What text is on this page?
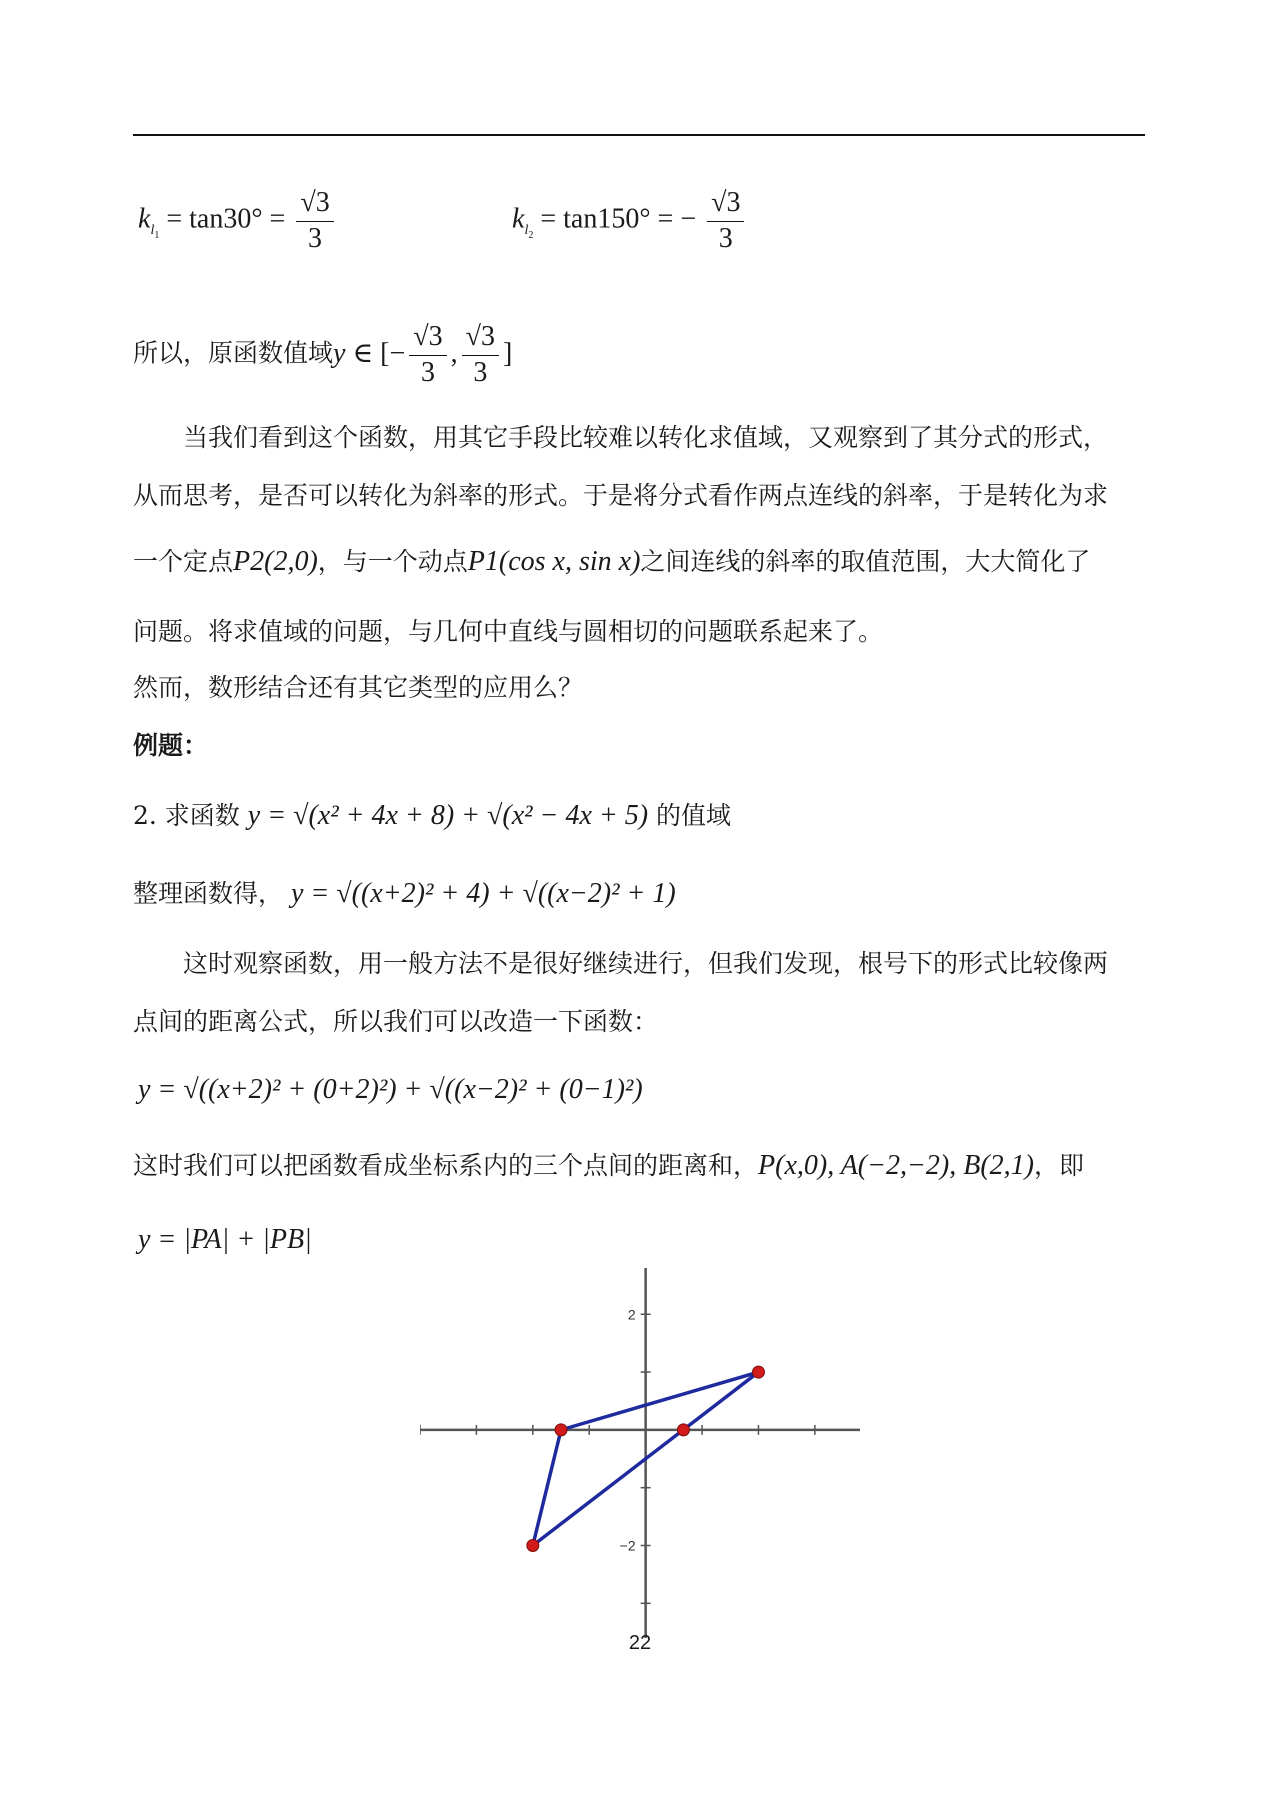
$k_{l_1} = \tan 30^\circ = \frac{√3}{3}$	$k_{l_2} = \tan 150^\circ$ = − $\frac{√3}{3}$
所以，原函数值域y ∈ [− $\frac{√3}{3}$ , $\frac{√3}{3}$ ]
当我们看到这个函数，用其它手段比较难以转化求值域，又观察到了其分式的形式，
从而思考，是否可以转化为斜率的形式。于是将分式看作两点连线的斜率，于是转化为求
一个定点P2(2,0)，与一个动点P1(cos x, sin x)之间连线的斜率的取值范围，大大简化了
问题。将求值域的问题，与几何中直线与圆相切的问题联系起来了。
然而，数形结合还有其它类型的应用么？
例题：
2. 求函数 y = √(x² + 4x + 8) + √(x² − 4x + 5) 的值域
整理函数得， y = √((x+2)² + 4) + √((x−2)² + 1)
这时观察函数，用一般方法不是很好继续进行，但我们发现，根号下的形式比较像两
点间的距离公式，所以我们可以改造一下函数：
y = √((x+2)² + (0+2)²) + √((x−2)² + (0−1)²)
这时我们可以把函数看成坐标系内的三个点间的距离和，P(x,0), A(−2,−2), B(2,1)，即
y = |PA| + |PB|
2
−2
22
